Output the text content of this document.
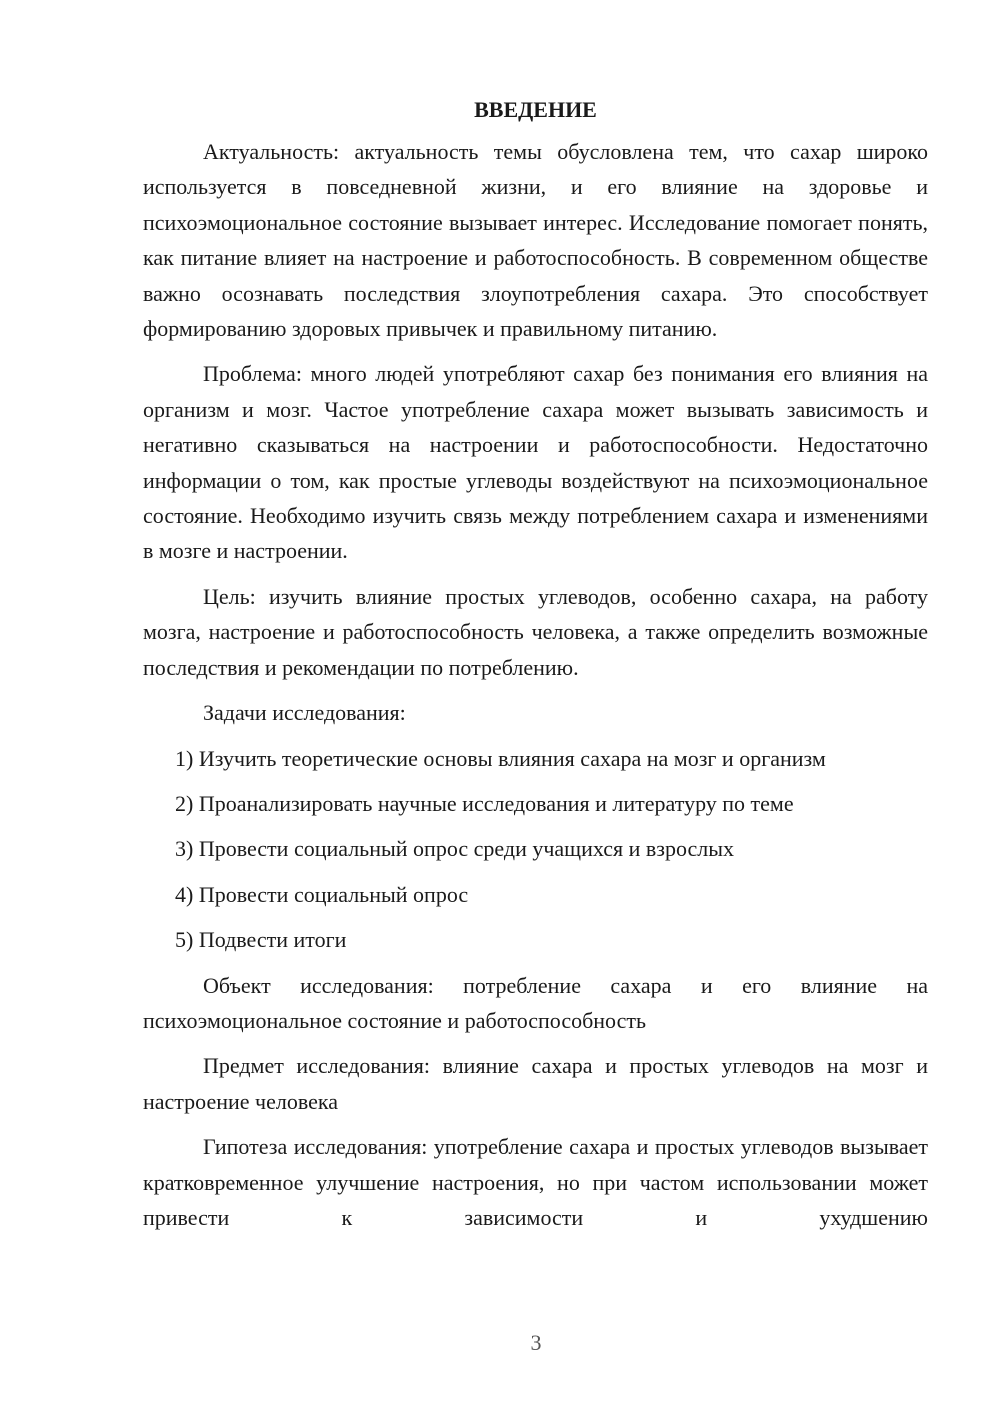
ВВЕДЕНИЕ

Актуальность: актуальность темы обусловлена тем, что сахар широко используется в повседневной жизни, и его влияние на здоровье и психоэмоциональное состояние вызывает интерес. Исследование помогает понять, как питание влияет на настроение и работоспособность. В современном обществе важно осознавать последствия злоупотребления сахара. Это способствует формированию здоровых привычек и правильному питанию.

Проблема: много людей употребляют сахар без понимания его влияния на организм и мозг. Частое употребление сахара может вызывать зависимость и негативно сказываться на настроении и работоспособности. Недостаточно информации о том, как простые углеводы воздействуют на психоэмоциональное состояние. Необходимо изучить связь между потреблением сахара и изменениями в мозге и настроении.

Цель: изучить влияние простых углеводов, особенно сахара, на работу мозга, настроение и работоспособность человека, а также определить возможные последствия и рекомендации по потреблению.

Задачи исследования:

1) Изучить теоретические основы влияния сахара на мозг и организм
2) Проанализировать научные исследования и литературу по теме
3) Провести социальный опрос среди учащихся и взрослых
4) Провести социальный опрос
5) Подвести итоги

Объект исследования: потребление сахара и его влияние на психоэмоциональное состояние и работоспособность

Предмет исследования: влияние сахара и простых углеводов на мозг и настроение человека

Гипотеза исследования: употребление сахара и простых углеводов вызывает кратковременное улучшение настроения, но при частом использовании может привести к зависимости и ухудшению

3
